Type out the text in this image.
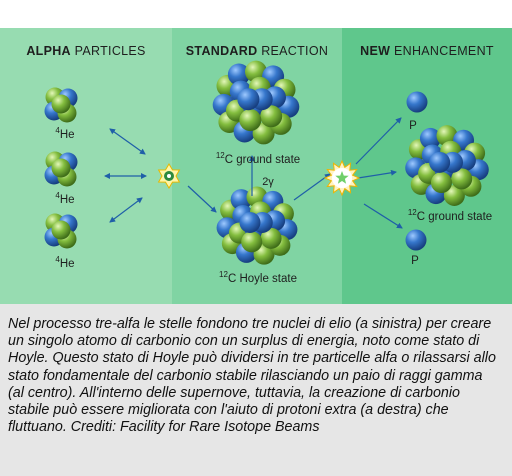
ALPHA PARTICLES	STANDARD REACTION	NEW ENHANCEMENT
$^4$He
$^4$He
$^4$He
$^{12}$C ground state
2γ
$^{12}$C Hoyle state
P
$^{12}$C ground state
P

Nel processo tre-alfa le stelle fondono tre nuclei di elio (a sinistra) per creare un singolo atomo di carbonio con un surplus di energia, noto come stato di Hoyle. Questo stato di Hoyle può dividersi in tre particelle alfa o rilassarsi allo stato fondamentale del carbonio stabile rilasciando un paio di raggi gamma (al centro). All'interno delle supernove, tuttavia, la creazione di carbonio stabile può essere migliorata con l'aiuto di protoni extra (a destra) che fluttuano. Crediti: Facility for Rare Isotope Beams
